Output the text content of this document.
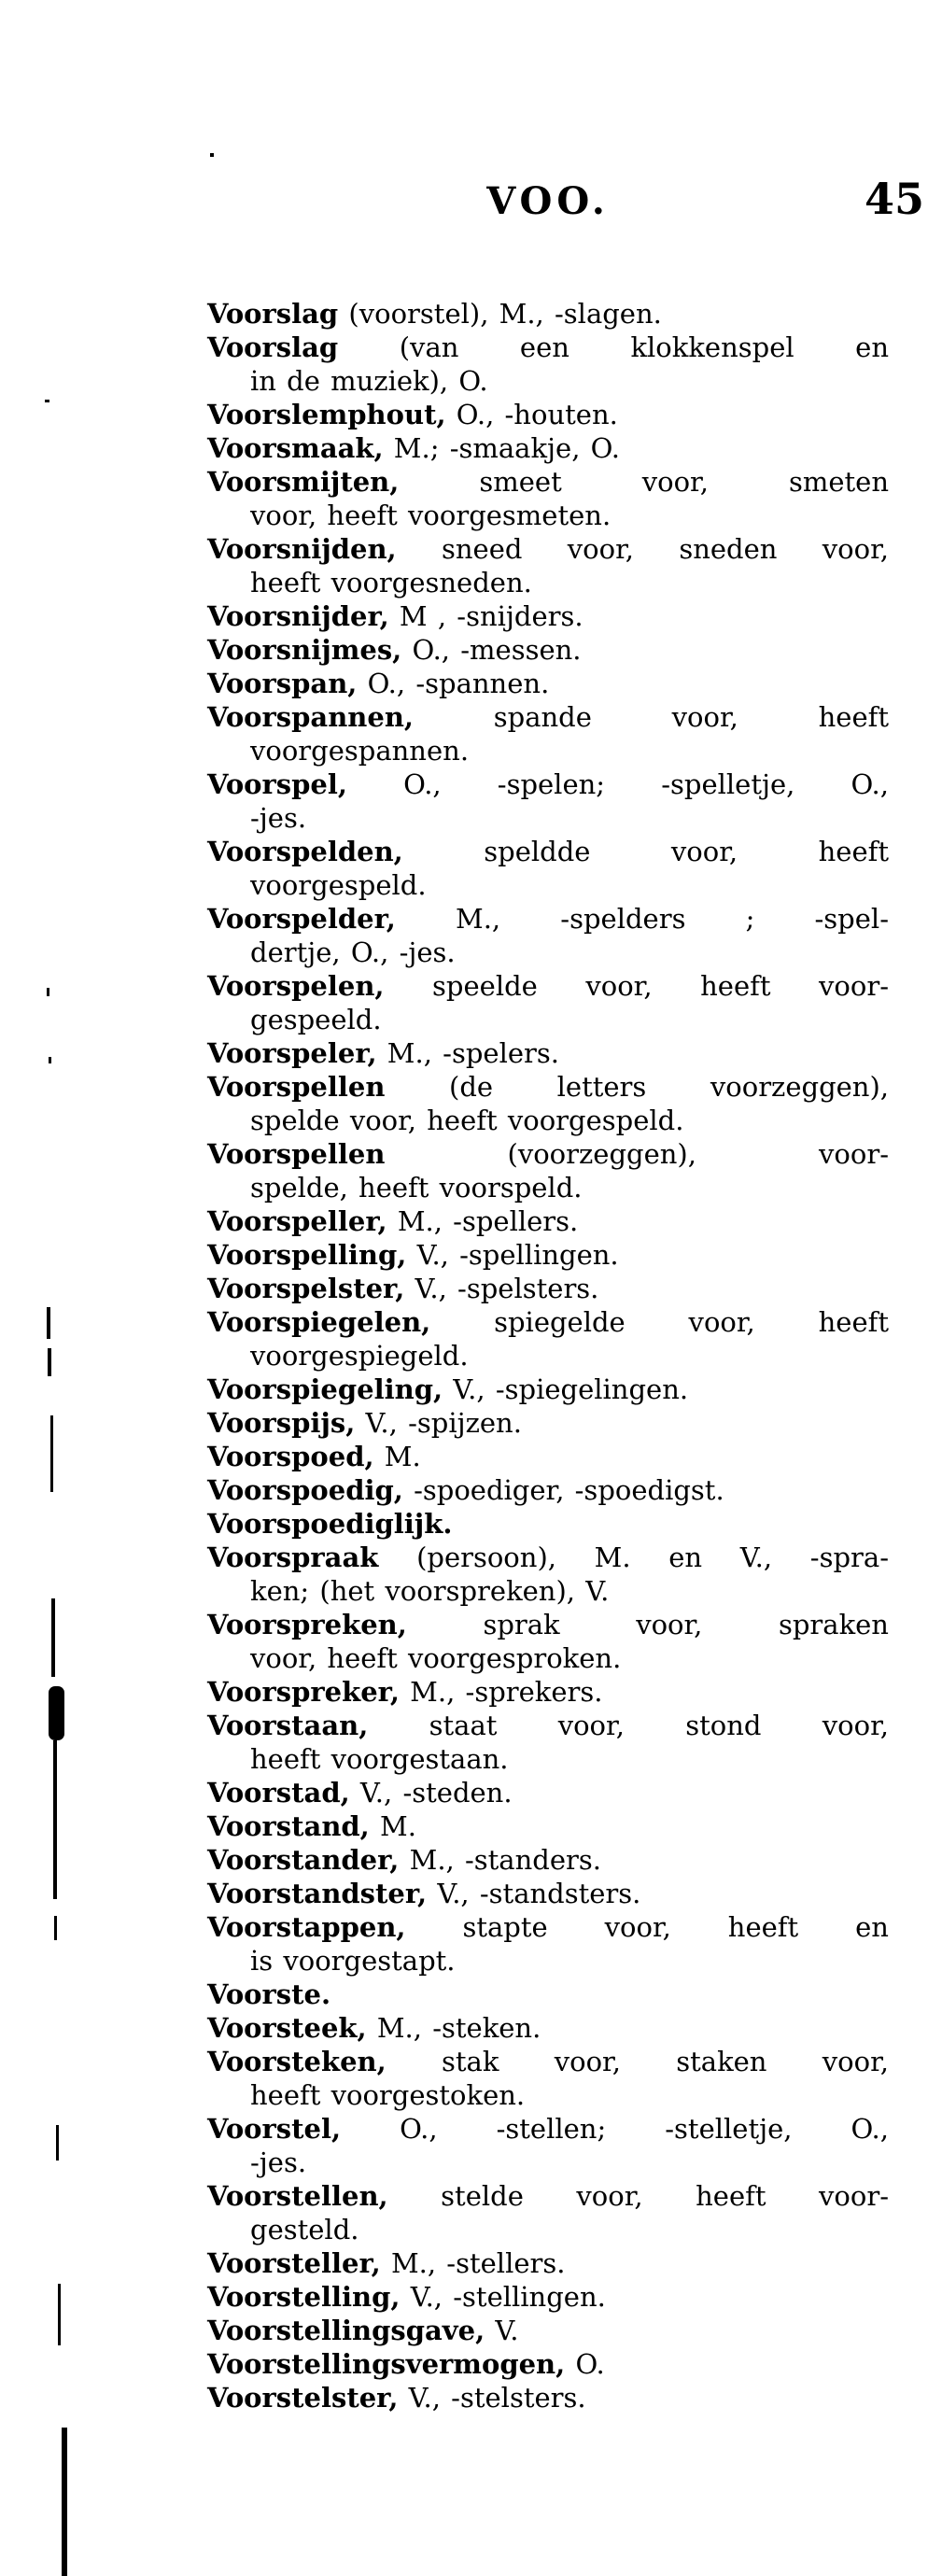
VOO.	45
Voorslag (voorstel), M., -slagen.
Voorslag (van een klokkenspel en
in de muziek), O.
Voorslemphout, O., -houten.
Voorsmaak, M.; -smaakje, O.
Voorsmijten, smeet voor, smeten
voor, heeft voorgesmeten.
Voorsnijden, sneed voor, sneden voor,
heeft voorgesneden.
Voorsnijder, M , -snijders.
Voorsnijmes, O., -messen.
Voorspan, O., -spannen.
Voorspannen, spande voor, heeft
voorgespannen.
Voorspel, O., -spelen; -spelletje, O.,
-jes.
Voorspelden, speldde voor, heeft
voorgespeld.
Voorspelder, M., -spelders ; -spel-
dertje, O., -jes.
Voorspelen, speelde voor, heeft voor-
gespeeld.
Voorspeler, M., -spelers.
Voorspellen (de letters voorzeggen),
spelde voor, heeft voorgespeld.
Voorspellen (voorzeggen), voor-
spelde, heeft voorspeld.
Voorspeller, M., -spellers.
Voorspelling, V., -spellingen.
Voorspelster, V., -spelsters.
Voorspiegelen, spiegelde voor, heeft
voorgespiegeld.
Voorspiegeling, V., -spiegelingen.
Voorspijs, V., -spijzen.
Voorspoed, M.
Voorspoedig, -spoediger, -spoedigst.
Voorspoediglijk.
Voorspraak (persoon), M. en V., -spra-
ken; (het voorspreken), V.
Voorspreken, sprak voor, spraken
voor, heeft voorgesproken.
Voorspreker, M., -sprekers.
Voorstaan, staat voor, stond voor,
heeft voorgestaan.
Voorstad, V., -steden.
Voorstand, M.
Voorstander, M., -standers.
Voorstandster, V., -standsters.
Voorstappen, stapte voor, heeft en
is voorgestapt.
Voorste.
Voorsteek, M., -steken.
Voorsteken, stak voor, staken voor,
heeft voorgestoken.
Voorstel, O., -stellen; -stelletje, O.,
-jes.
Voorstellen, stelde voor, heeft voor-
gesteld.
Voorsteller, M., -stellers.
Voorstelling, V., -stellingen.
Voorstellingsgave, V.
Voorstellingsvermogen, O.
Voorstelster, V., -stelsters.
